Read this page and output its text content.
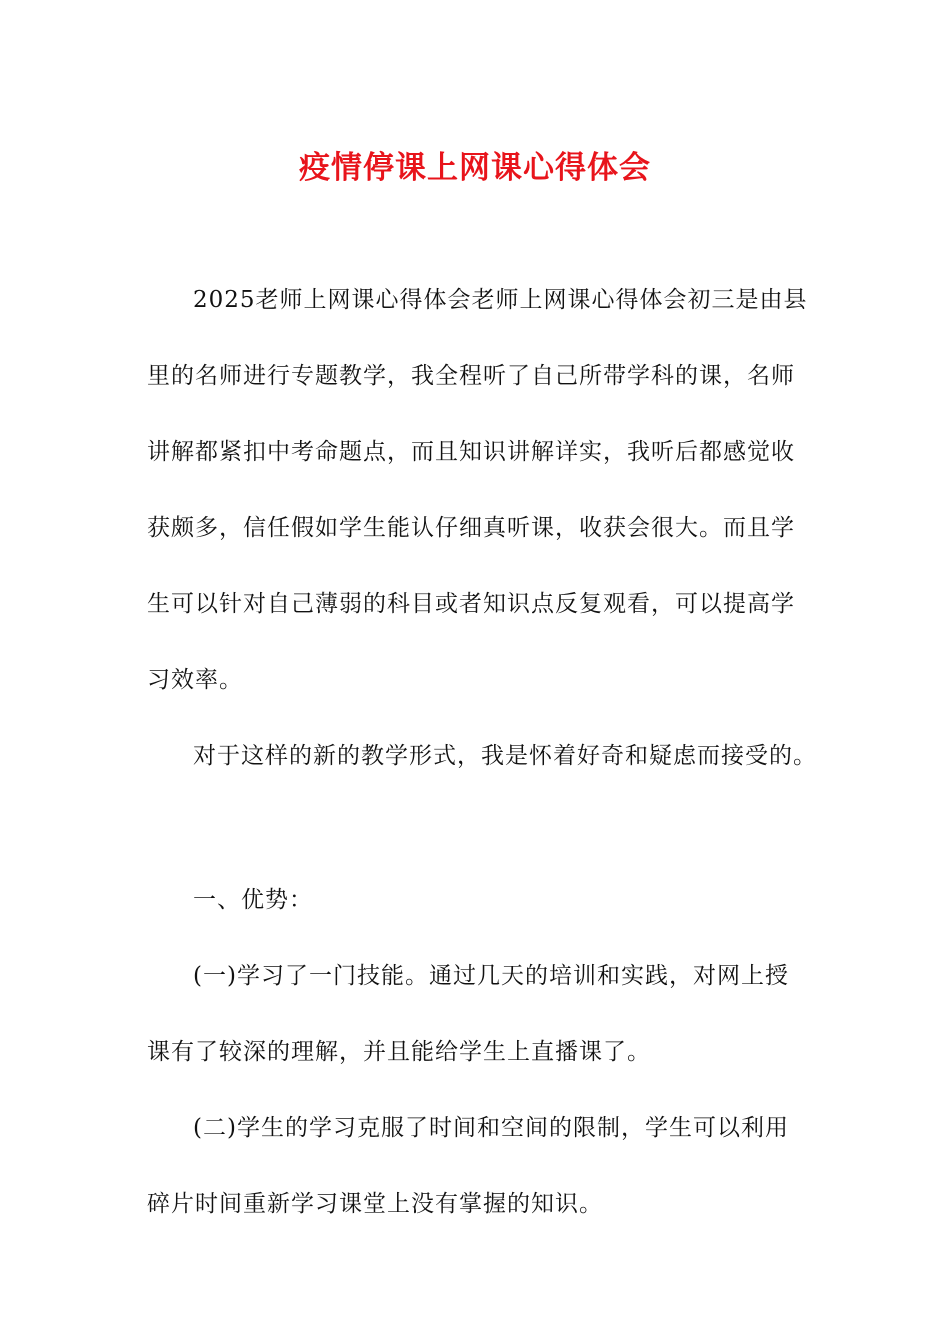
疫情停课上网课心得体会
2025老师上网课心得体会老师上网课心得体会初三是由县
里的名师进行专题教学，我全程听了自己所带学科的课，名师
讲解都紧扣中考命题点，而且知识讲解详实，我听后都感觉收
获颇多，信任假如学生能认仔细真听课，收获会很大。而且学
生可以针对自己薄弱的科目或者知识点反复观看，可以提高学
习效率。
对于这样的新的教学形式，我是怀着好奇和疑虑而接受的。
一、优势：
(一)学习了一门技能。通过几天的培训和实践，对网上授
课有了较深的理解，并且能给学生上直播课了。
(二)学生的学习克服了时间和空间的限制，学生可以利用
碎片时间重新学习课堂上没有掌握的知识。
